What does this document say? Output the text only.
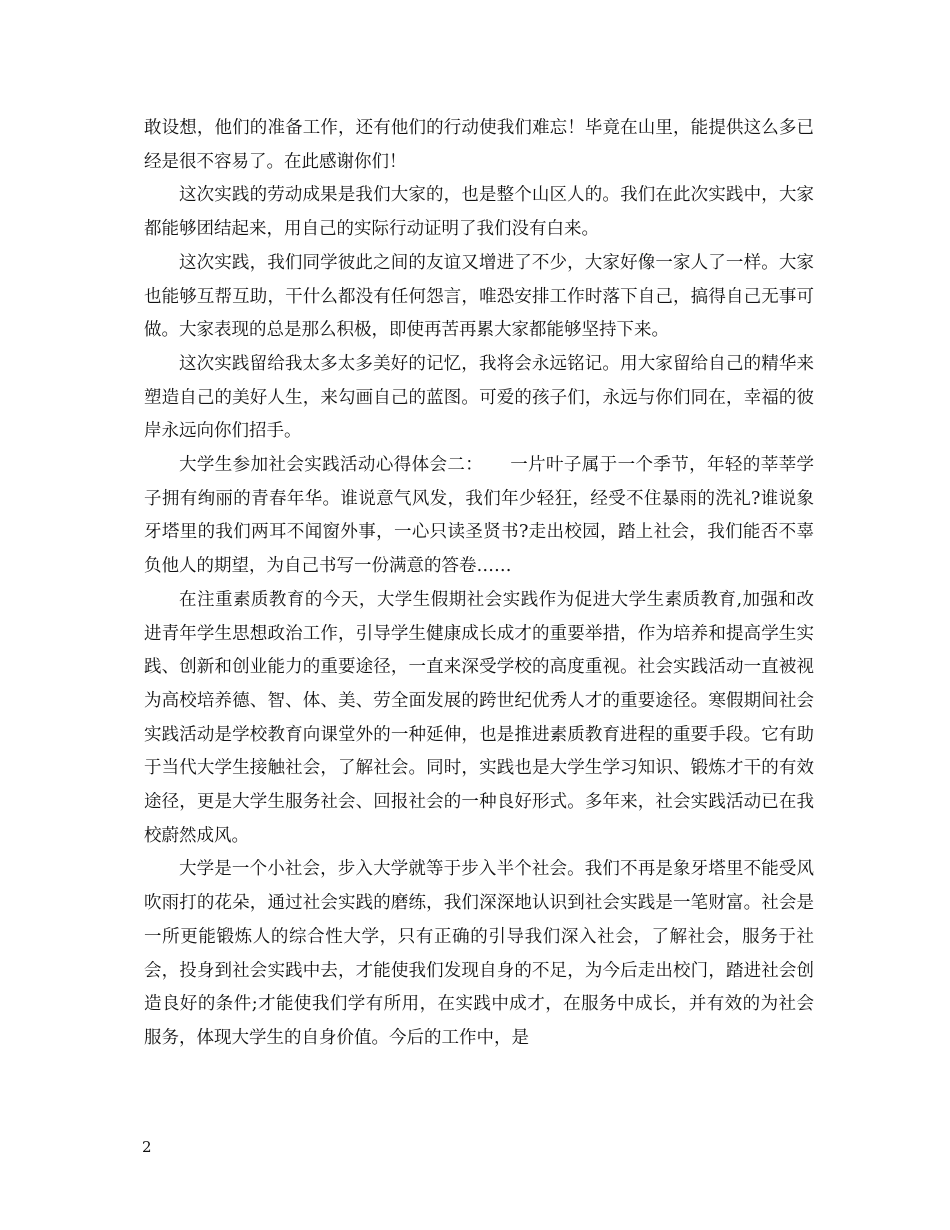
敢设想，他们的准备工作，还有他们的行动使我们难忘！毕竟在山里，能提供这么多已经是很不容易了。在此感谢你们！

这次实践的劳动成果是我们大家的，也是整个山区人的。我们在此次实践中，大家都能够团结起来，用自己的实际行动证明了我们没有白来。

这次实践，我们同学彼此之间的友谊又增进了不少，大家好像一家人了一样。大家也能够互帮互助，干什么都没有任何怨言，唯恐安排工作时落下自己，搞得自己无事可做。大家表现的总是那么积极，即使再苦再累大家都能够坚持下来。

这次实践留给我太多太多美好的记忆，我将会永远铭记。用大家留给自己的精华来塑造自己的美好人生，来勾画自己的蓝图。可爱的孩子们，永远与你们同在，幸福的彼岸永远向你们招手。

大学生参加社会实践活动心得体会二：　　一片叶子属于一个季节，年轻的莘莘学子拥有绚丽的青春年华。谁说意气风发，我们年少轻狂，经受不住暴雨的洗礼?谁说象牙塔里的我们两耳不闻窗外事，一心只读圣贤书?走出校园，踏上社会，我们能否不辜负他人的期望，为自己书写一份满意的答卷……

在注重素质教育的今天，大学生假期社会实践作为促进大学生素质教育,加强和改进青年学生思想政治工作，引导学生健康成长成才的重要举措，作为培养和提高学生实践、创新和创业能力的重要途径，一直来深受学校的高度重视。社会实践活动一直被视为高校培养德、智、体、美、劳全面发展的跨世纪优秀人才的重要途径。寒假期间社会实践活动是学校教育向课堂外的一种延伸，也是推进素质教育进程的重要手段。它有助于当代大学生接触社会，了解社会。同时，实践也是大学生学习知识、锻炼才干的有效途径，更是大学生服务社会、回报社会的一种良好形式。多年来，社会实践活动已在我校蔚然成风。

大学是一个小社会，步入大学就等于步入半个社会。我们不再是象牙塔里不能受风吹雨打的花朵，通过社会实践的磨练，我们深深地认识到社会实践是一笔财富。社会是一所更能锻炼人的综合性大学，只有正确的引导我们深入社会，了解社会，服务于社会，投身到社会实践中去，才能使我们发现自身的不足，为今后走出校门，踏进社会创造良好的条件;才能使我们学有所用，在实践中成才，在服务中成长，并有效的为社会服务，体现大学生的自身价值。今后的工作中，是

2
